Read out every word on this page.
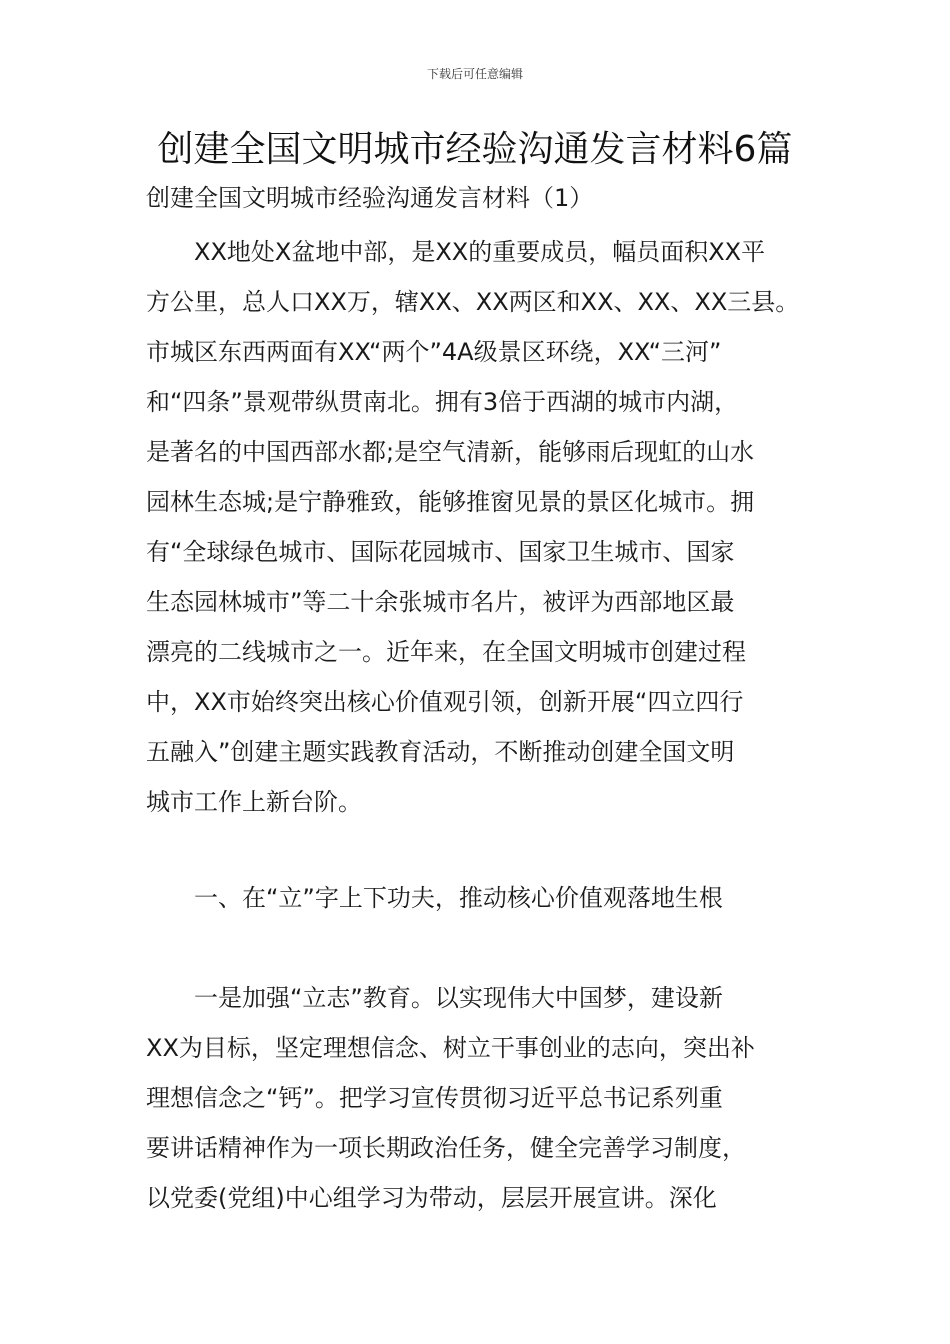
下载后可任意编辑
创建全国文明城市经验沟通发言材料6篇
创建全国文明城市经验沟通发言材料（1）
　　XX地处X盆地中部，是XX的重要成员，幅员面积XX平
方公里，总人口XX万，辖XX、XX两区和XX、XX、XX三县。
市城区东西两面有XX“两个”4A级景区环绕，XX“三河”
和“四条”景观带纵贯南北。拥有3倍于西湖的城市内湖，
是著名的中国西部水都;是空气清新，能够雨后现虹的山水
园林生态城;是宁静雅致，能够推窗见景的景区化城市。拥
有“全球绿色城市、国际花园城市、国家卫生城市、国家
生态园林城市”等二十余张城市名片，被评为西部地区最
漂亮的二线城市之一。近年来，在全国文明城市创建过程
中，XX市始终突出核心价值观引领，创新开展“四立四行
五融入”创建主题实践教育活动，不断推动创建全国文明
城市工作上新台阶。
　　一、在“立”字上下功夫，推动核心价值观落地生根
　　一是加强“立志”教育。以实现伟大中国梦，建设新
XX为目标，坚定理想信念、树立干事创业的志向，突出补
理想信念之“钙”。把学习宣传贯彻习近平总书记系列重
要讲话精神作为一项长期政治任务，健全完善学习制度，
以党委(党组)中心组学习为带动，层层开展宣讲。深化
